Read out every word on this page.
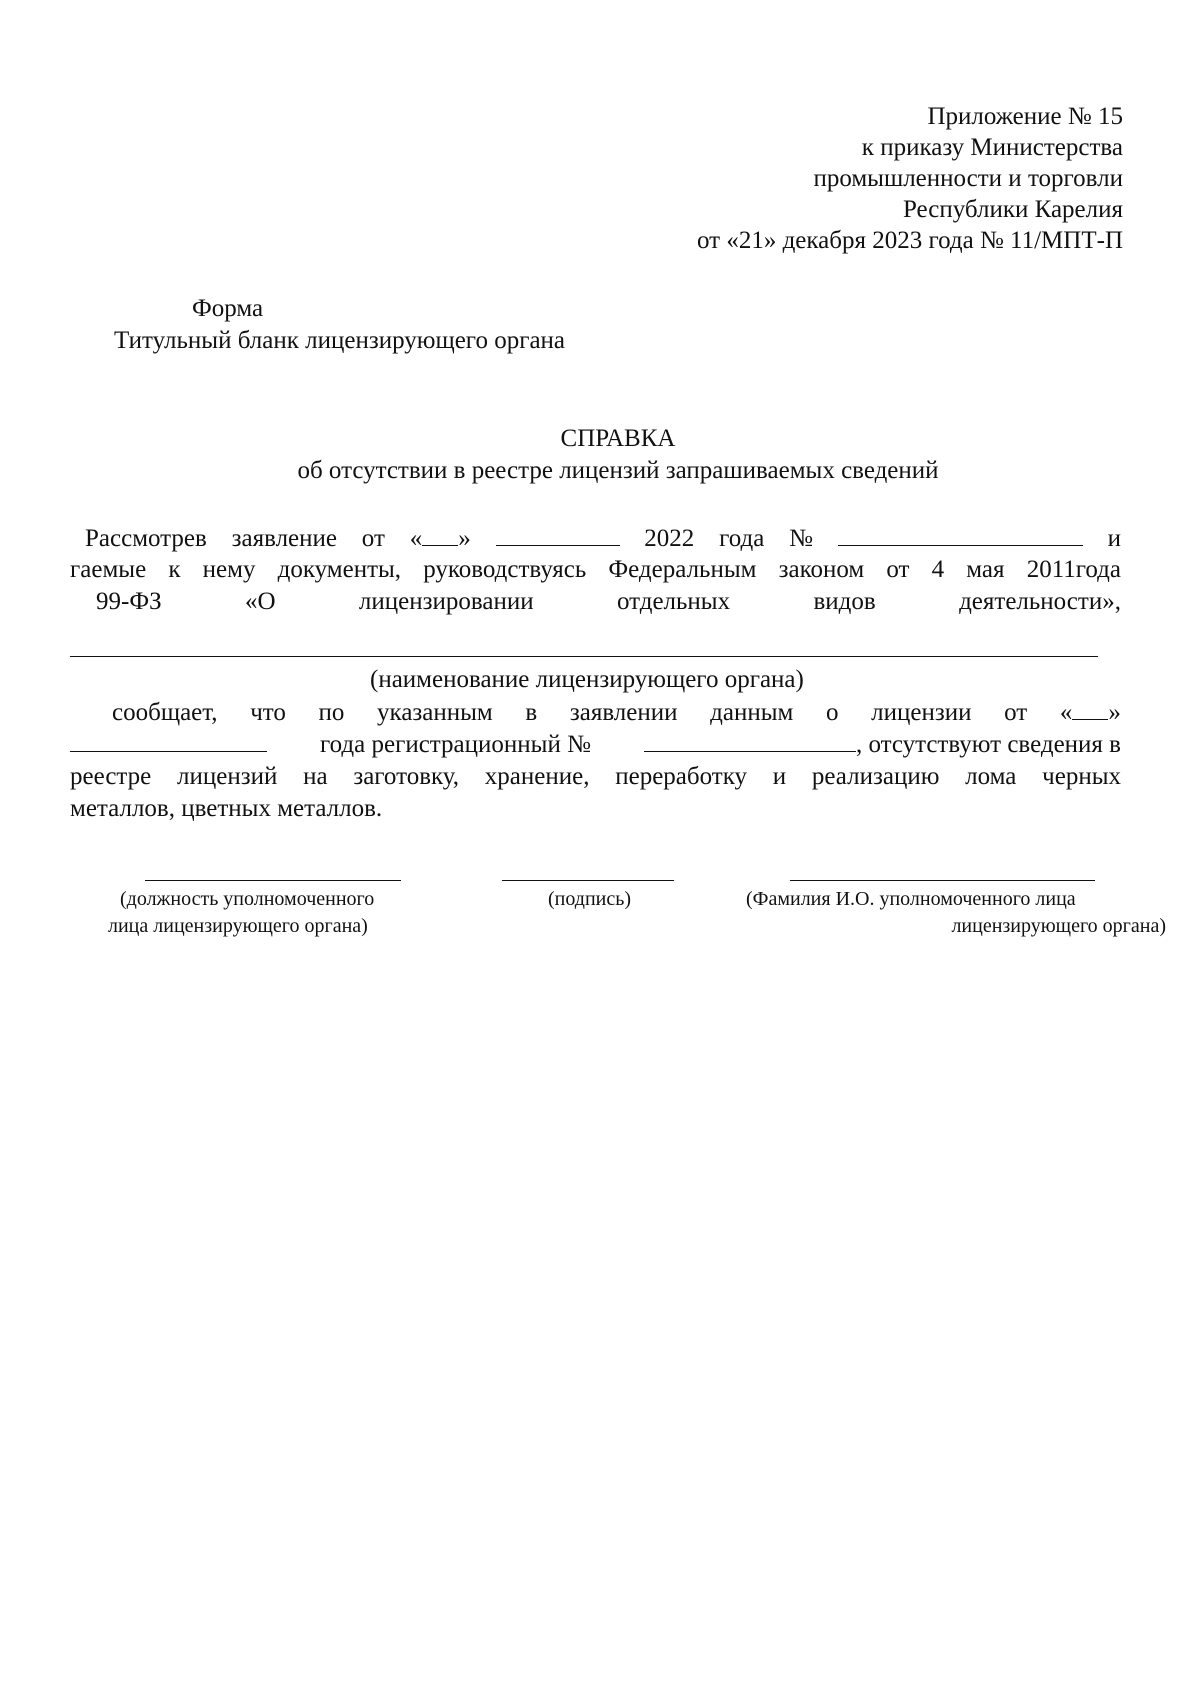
Приложение № 15
к приказу Министерства
промышленности и торговли
Республики Карелия
от «21» декабря 2023 года № 11/МПТ-П
Форма
Титульный бланк лицензирующего органа
СПРАВКА
об отсутствии в реестре лицензий запрашиваемых сведений
Рассмотрев заявление от « »	2022 года №	и
гаемые к нему документы, руководствуясь Федеральным законом от 4 мая 2011года
99-ФЗ	«О	лицензировании	отдельных	видов	деятельности»,
(наименование лицензирующего органа)
сообщает, что по указанным в заявлении данным о лицензии от « »
года регистрационный №	, отсутствуют сведения в
реестре лицензий на заготовку, хранение, переработку и реализацию лома черных
металлов, цветных металлов.
(должность уполномоченного
лица лицензирующего органа)
(подпись)	(Фамилия И.О. уполномоченного лица
лицензирующего органа)
